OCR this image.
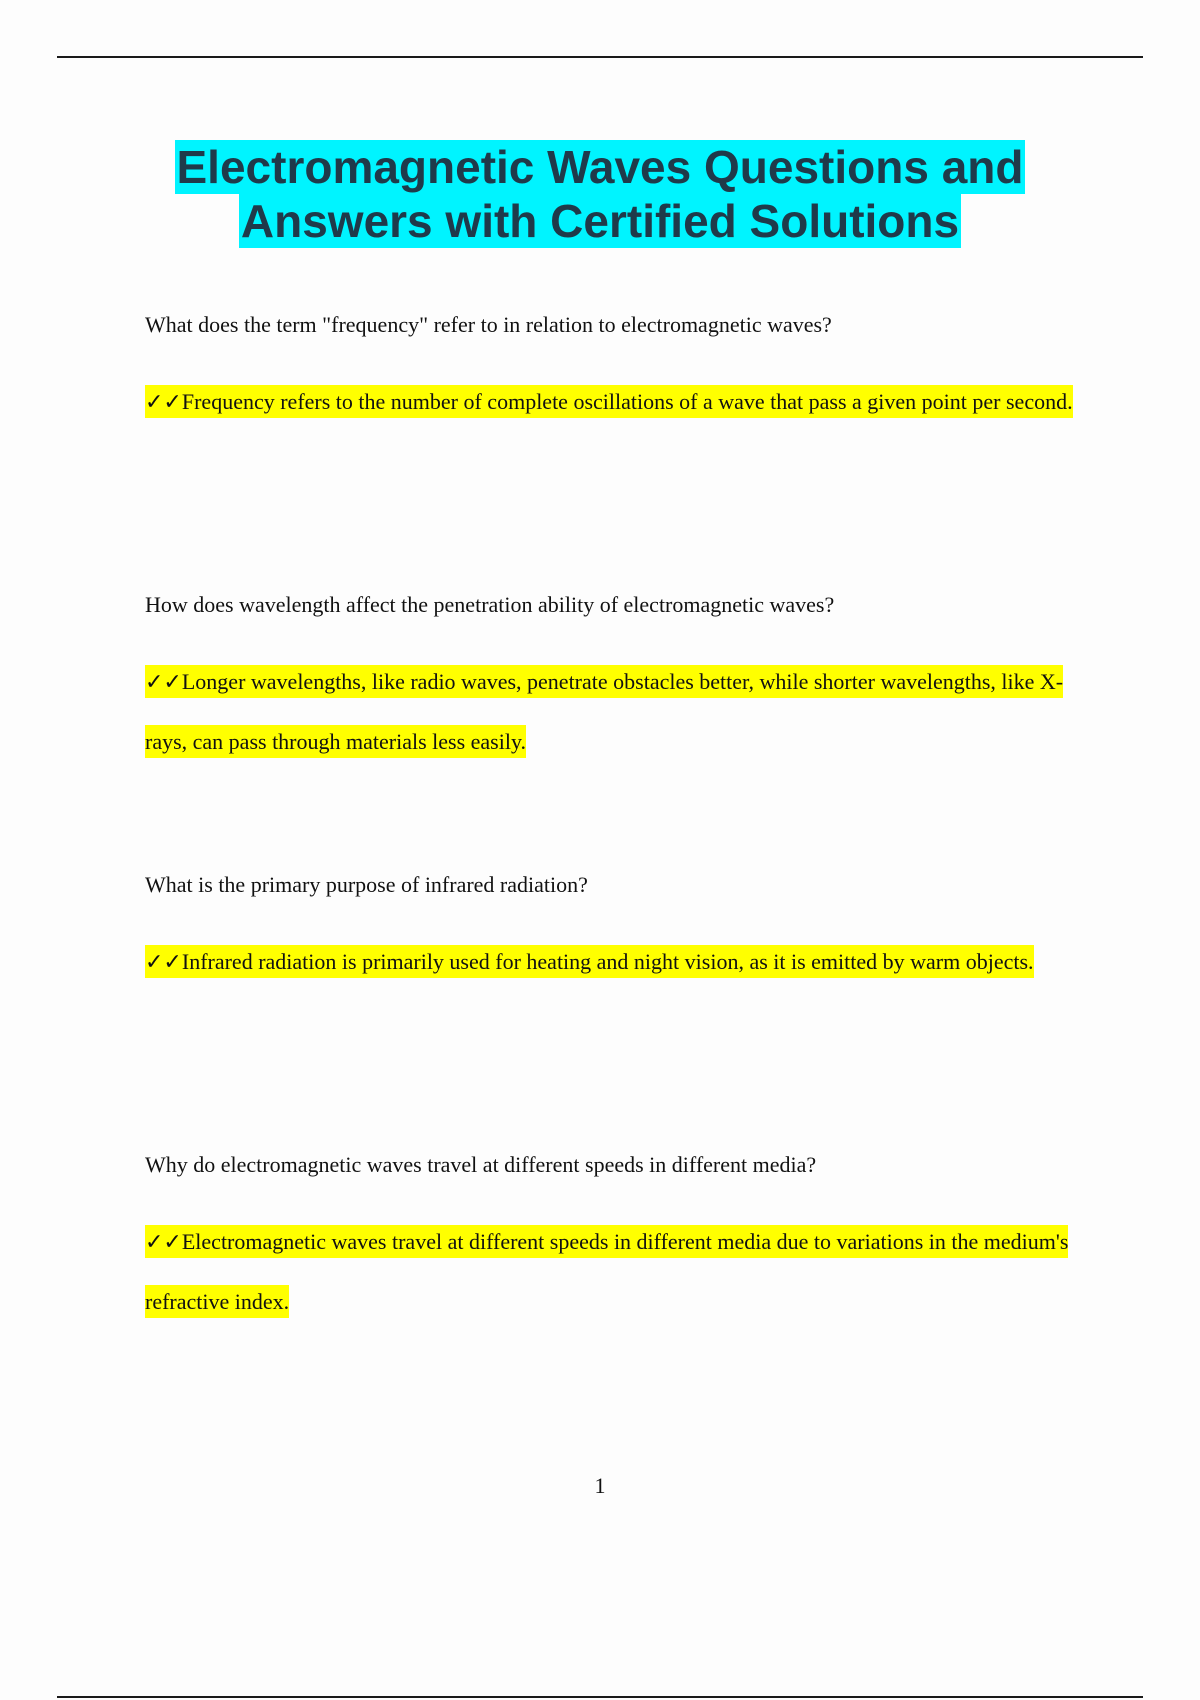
Electromagnetic Waves Questions and
Answers with Certified Solutions

What does the term "frequency" refer to in relation to electromagnetic waves?

✓✓Frequency refers to the number of complete oscillations of a wave that pass a given point per second.

How does wavelength affect the penetration ability of electromagnetic waves?

✓✓Longer wavelengths, like radio waves, penetrate obstacles better, while shorter wavelengths, like X-rays, can pass through materials less easily.

What is the primary purpose of infrared radiation?

✓✓Infrared radiation is primarily used for heating and night vision, as it is emitted by warm objects.

Why do electromagnetic waves travel at different speeds in different media?

✓✓Electromagnetic waves travel at different speeds in different media due to variations in the medium's refractive index.

1
